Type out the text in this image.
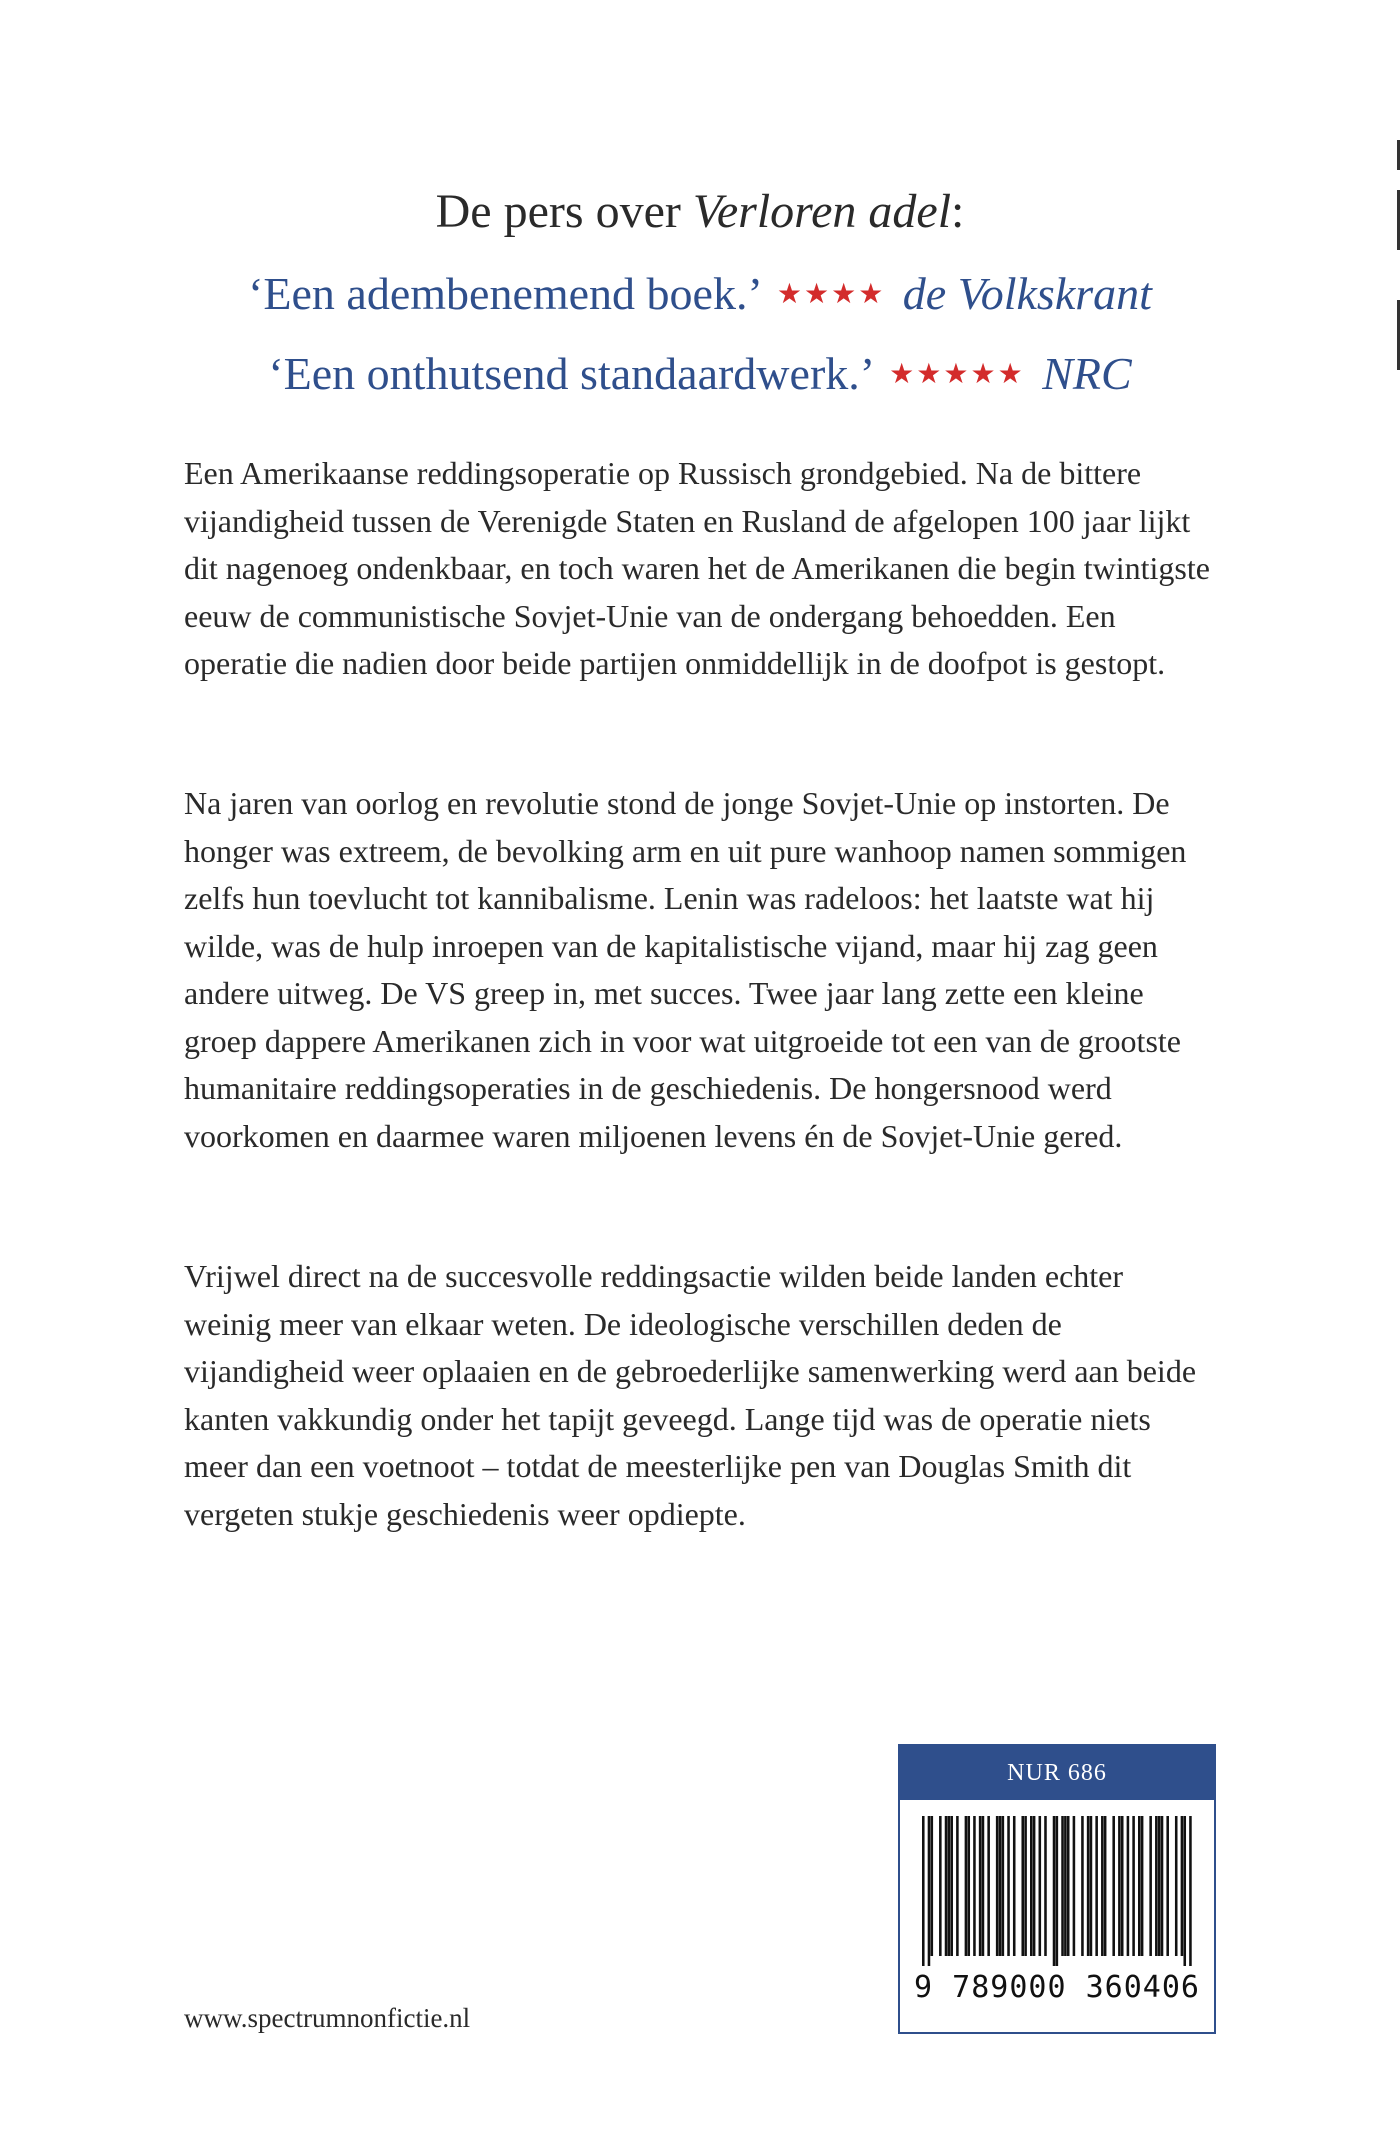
De pers over Verloren adel:
‘Een adembenemend boek.’ ★★★★ de Volkskrant
‘Een onthutsend standaardwerk.’ ★★★★★ NRC

Een Amerikaanse reddingsoperatie op Russisch grondgebied. Na de bittere vijandigheid tussen de Verenigde Staten en Rusland de afgelopen 100 jaar lijkt dit nagenoeg ondenkbaar, en toch waren het de Amerikanen die begin twintigste eeuw de communistische Sovjet-Unie van de ondergang behoedden. Een operatie die nadien door beide partijen onmiddellijk in de doofpot is gestopt.

Na jaren van oorlog en revolutie stond de jonge Sovjet-Unie op instorten. De honger was extreem, de bevolking arm en uit pure wanhoop namen sommigen zelfs hun toevlucht tot kannibalisme. Lenin was radeloos: het laatste wat hij wilde, was de hulp inroepen van de kapitalistische vijand, maar hij zag geen andere uitweg. De VS greep in, met succes. Twee jaar lang zette een kleine groep dappere Amerikanen zich in voor wat uitgroeide tot een van de grootste humanitaire reddingsoperaties in de geschiedenis. De hongersnood werd voorkomen en daarmee waren miljoenen levens én de Sovjet-Unie gered.

Vrijwel direct na de succesvolle reddingsactie wilden beide landen echter weinig meer van elkaar weten. De ideologische verschillen deden de vijandigheid weer oplaaien en de gebroederlijke samenwerking werd aan beide kanten vakkundig onder het tapijt geveegd. Lange tijd was de operatie niets meer dan een voetnoot – totdat de meesterlijke pen van Douglas Smith dit vergeten stukje geschiedenis weer opdiepte.

www.spectrumnonfictie.nl
NUR 686
9 789000 360406
